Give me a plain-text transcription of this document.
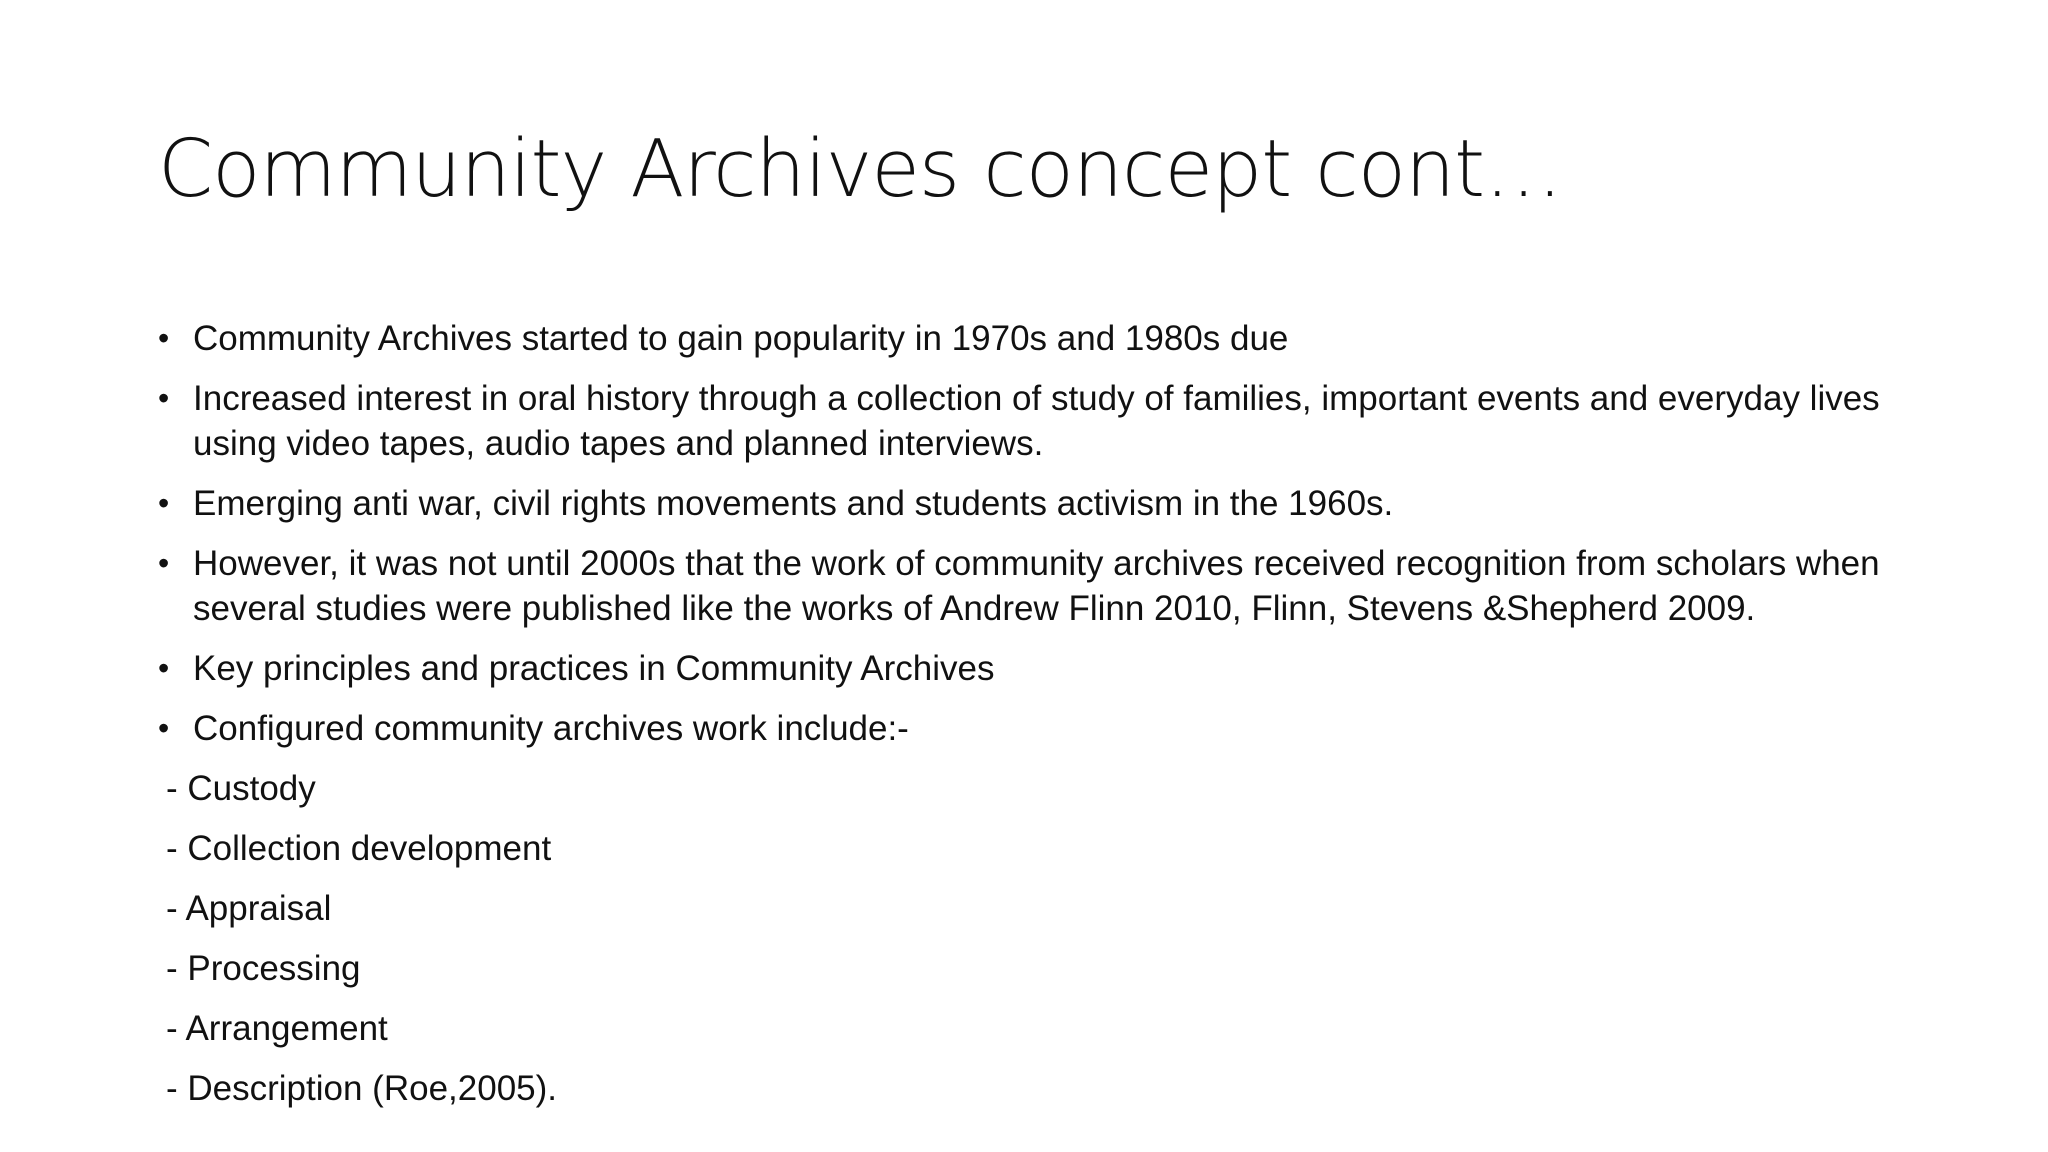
Community Archives concept cont…
• Community Archives started to gain popularity in 1970s and 1980s due
• Increased interest in oral history through a collection of study of families, important events and everyday lives using video tapes, audio tapes and planned interviews.
• Emerging anti war, civil rights movements and students activism in the 1960s.
• However, it was not until 2000s that the work of community archives received recognition from scholars when several studies were published like the works of Andrew Flinn 2010, Flinn, Stevens &Shepherd 2009.
• Key principles and practices in Community Archives
• Configured community archives work include:-
- Custody
- Collection development
- Appraisal
- Processing
- Arrangement
- Description (Roe,2005).
